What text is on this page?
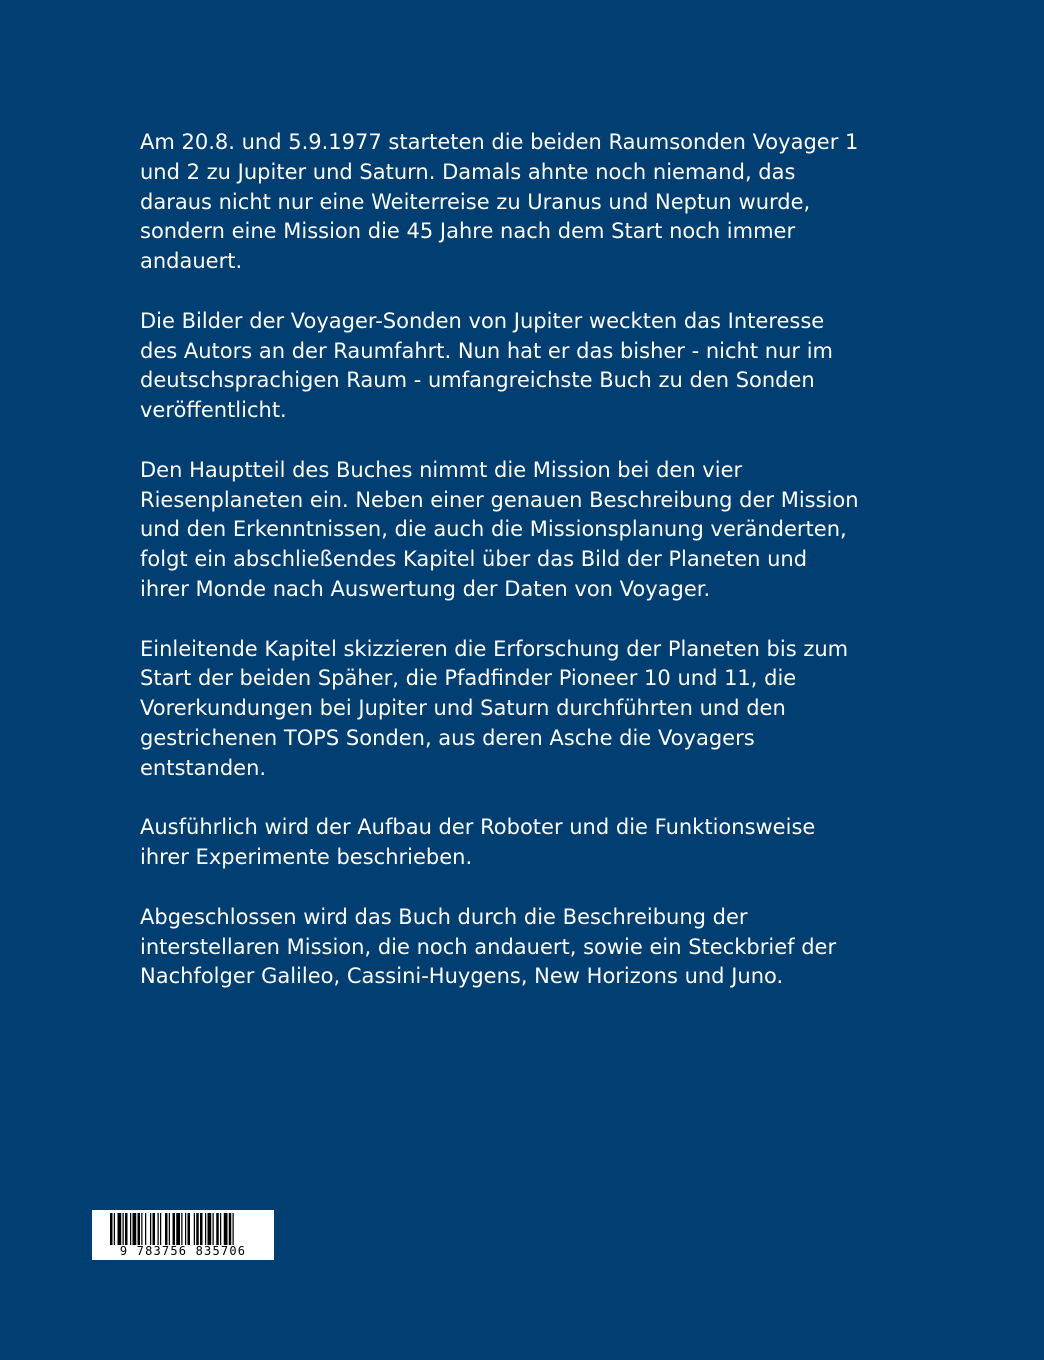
Am 20.8. und 5.9.1977 starteten die beiden Raumsonden Voyager 1
und 2 zu Jupiter und Saturn. Damals ahnte noch niemand, das
daraus nicht nur eine Weiterreise zu Uranus und Neptun wurde,
sondern eine Mission die 45 Jahre nach dem Start noch immer
andauert.

Die Bilder der Voyager-Sonden von Jupiter weckten das Interesse
des Autors an der Raumfahrt. Nun hat er das bisher - nicht nur im
deutschsprachigen Raum - umfangreichste Buch zu den Sonden
veröffentlicht.

Den Hauptteil des Buches nimmt die Mission bei den vier
Riesenplaneten ein. Neben einer genauen Beschreibung der Mission
und den Erkenntnissen, die auch die Missionsplanung veränderten,
folgt ein abschließendes Kapitel über das Bild der Planeten und
ihrer Monde nach Auswertung der Daten von Voyager.

Einleitende Kapitel skizzieren die Erforschung der Planeten bis zum
Start der beiden Späher, die Pfadfinder Pioneer 10 und 11, die
Vorerkundungen bei Jupiter und Saturn durchführten und den
gestrichenen TOPS Sonden, aus deren Asche die Voyagers
entstanden.

Ausführlich wird der Aufbau der Roboter und die Funktionsweise
ihrer Experimente beschrieben.

Abgeschlossen wird das Buch durch die Beschreibung der
interstellaren Mission, die noch andauert, sowie ein Steckbrief der
Nachfolger Galileo, Cassini-Huygens, New Horizons und Juno.

9 783756 835706
